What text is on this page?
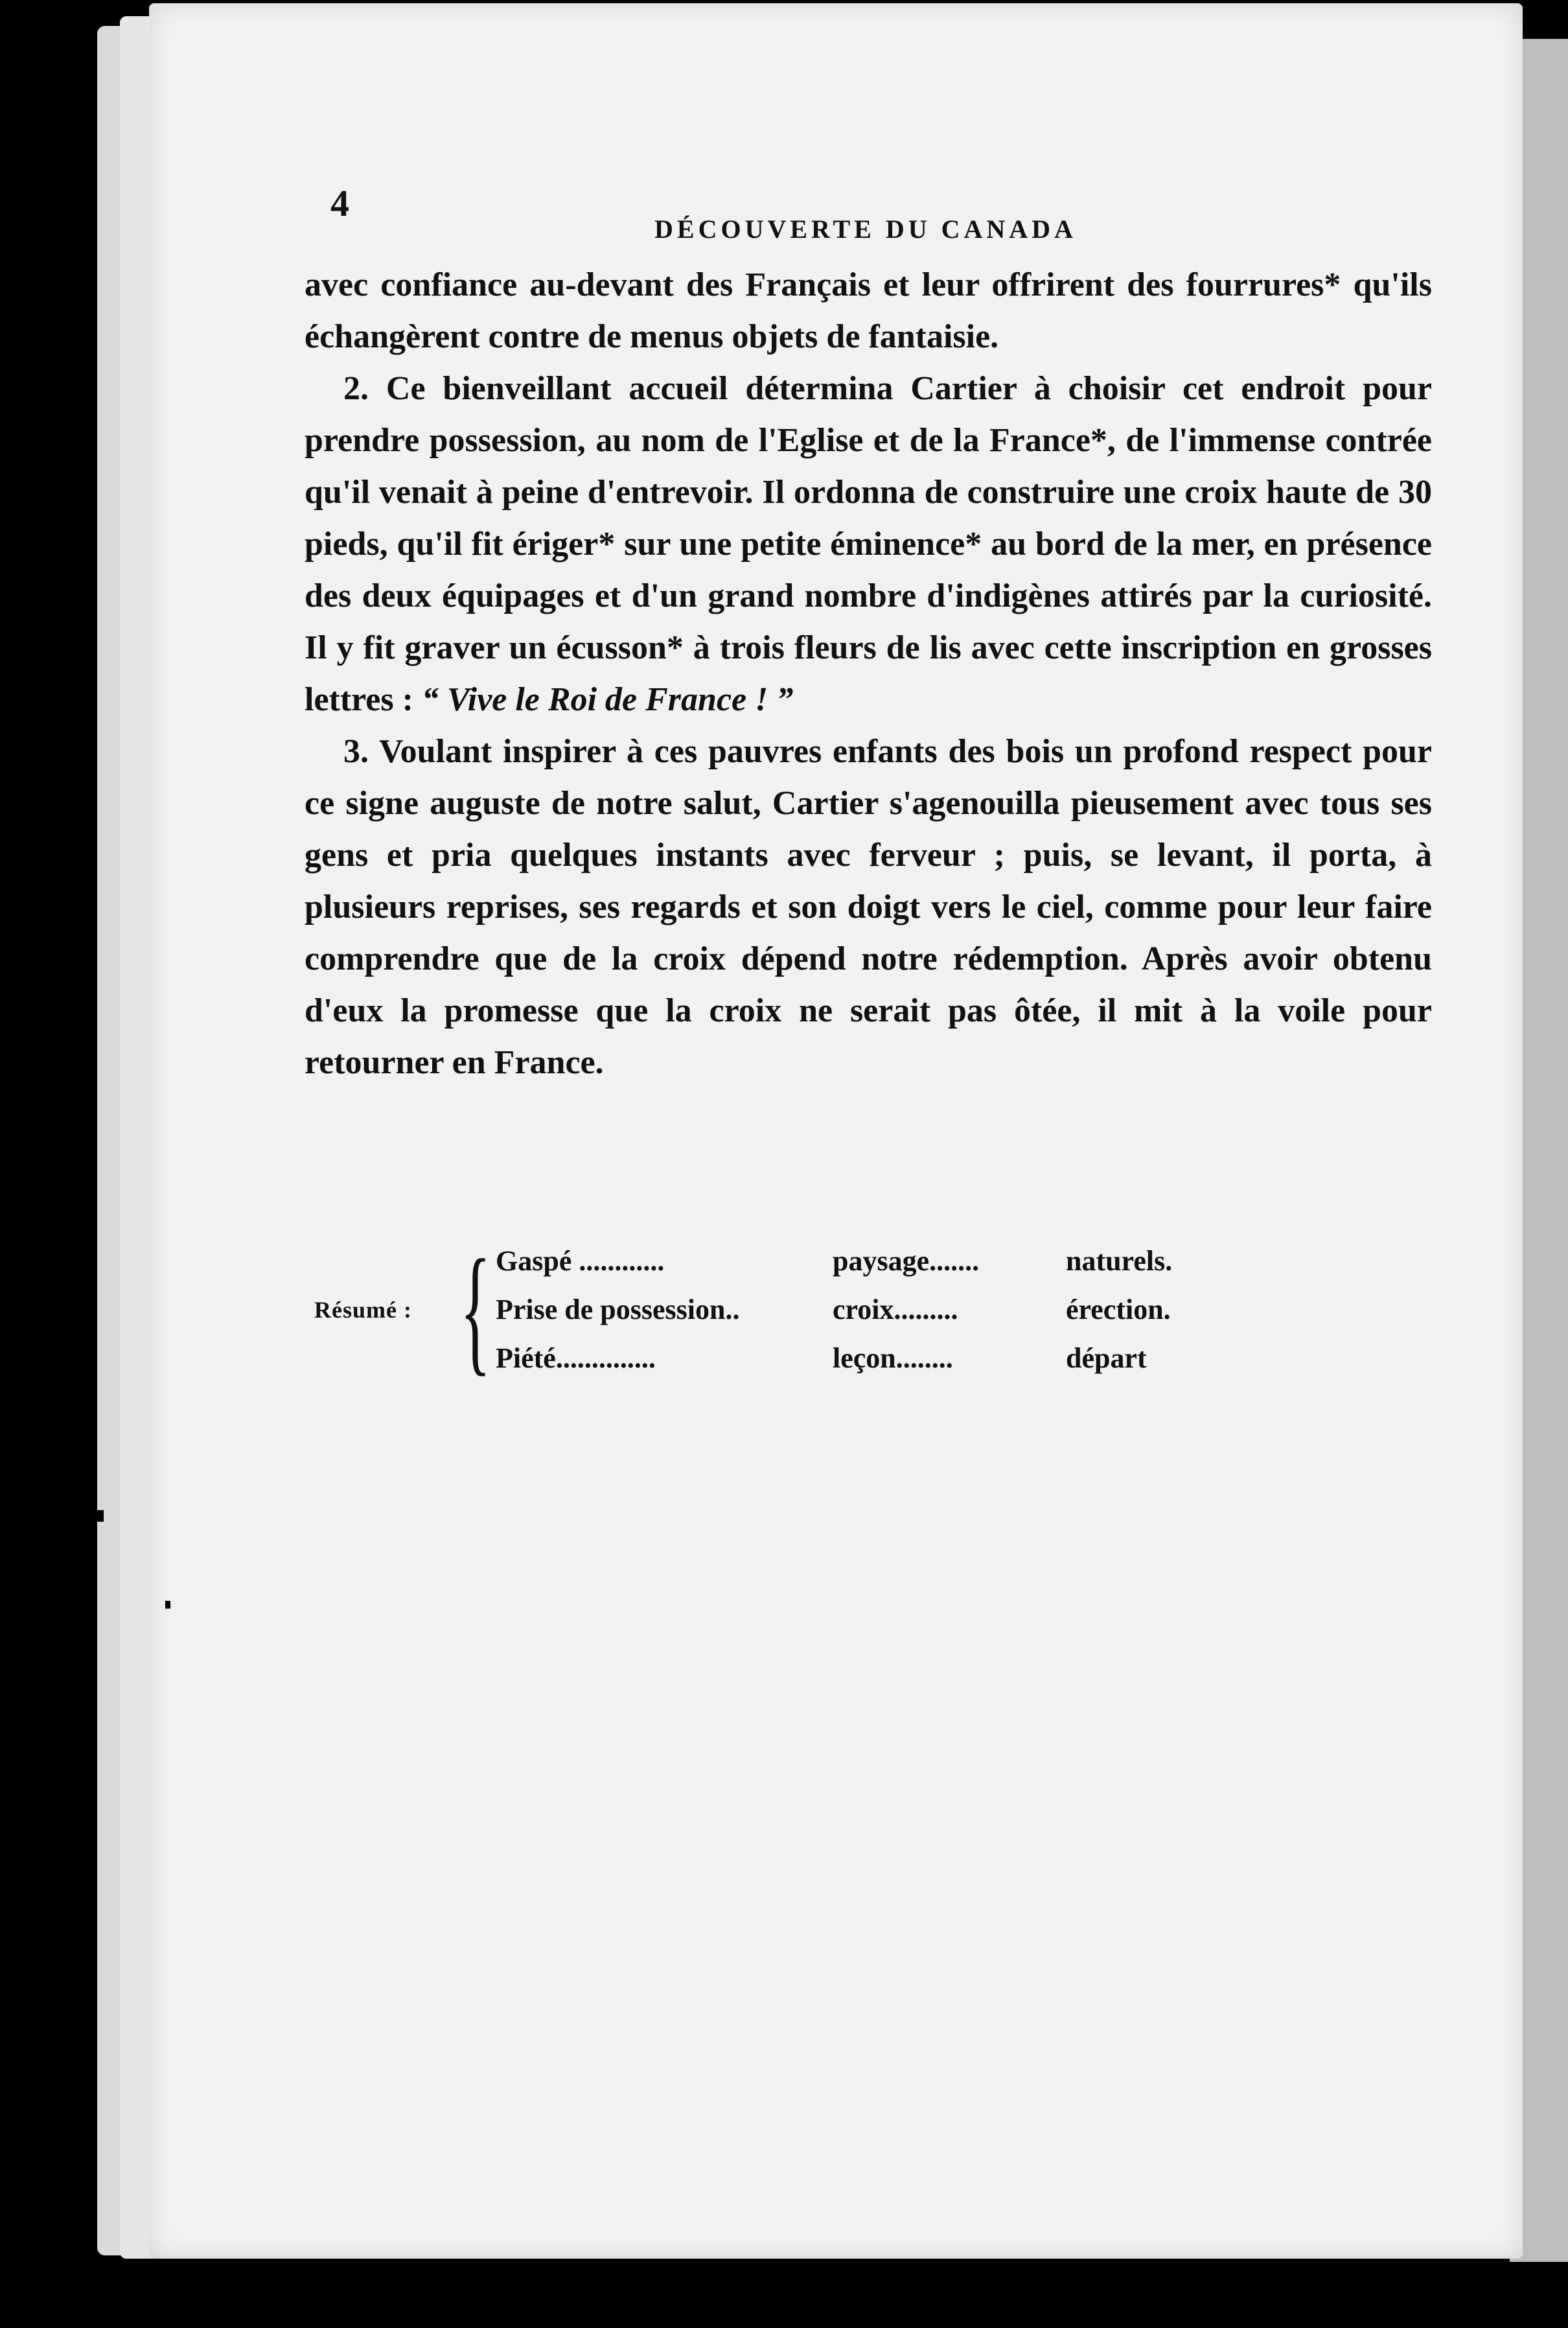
4
DÉCOUVERTE DU CANADA

avec confiance au-devant des Français et leur offrirent des fourrures* qu'ils échangèrent contre de menus objets de fantaisie.

2. Ce bienveillant accueil détermina Cartier à choisir cet endroit pour prendre possession, au nom de l'Eglise et de la France*, de l'immense contrée qu'il venait à peine d'entrevoir. Il ordonna de construire une croix haute de 30 pieds, qu'il fit ériger* sur une petite éminence* au bord de la mer, en présence des deux équipages et d'un grand nombre d'indigènes attirés par la curiosité. Il y fit graver un écusson* à trois fleurs de lis avec cette inscription en grosses lettres : “ Vive le Roi de France ! ”

3. Voulant inspirer à ces pauvres enfants des bois un profond respect pour ce signe auguste de notre salut, Cartier s'agenouilla pieusement avec tous ses gens et pria quelques instants avec ferveur ; puis, se levant, il porta, à plusieurs reprises, ses regards et son doigt vers le ciel, comme pour leur faire comprendre que de la croix dépend notre rédemption. Après avoir obtenu d'eux la promesse que la croix ne serait pas ôtée, il mit à la voile pour retourner en France.

Résumé : { Gaspé ............	paysage.......	naturels.
Prise de possession..	croix.........	érection.
Piété..............	leçon........	départ
